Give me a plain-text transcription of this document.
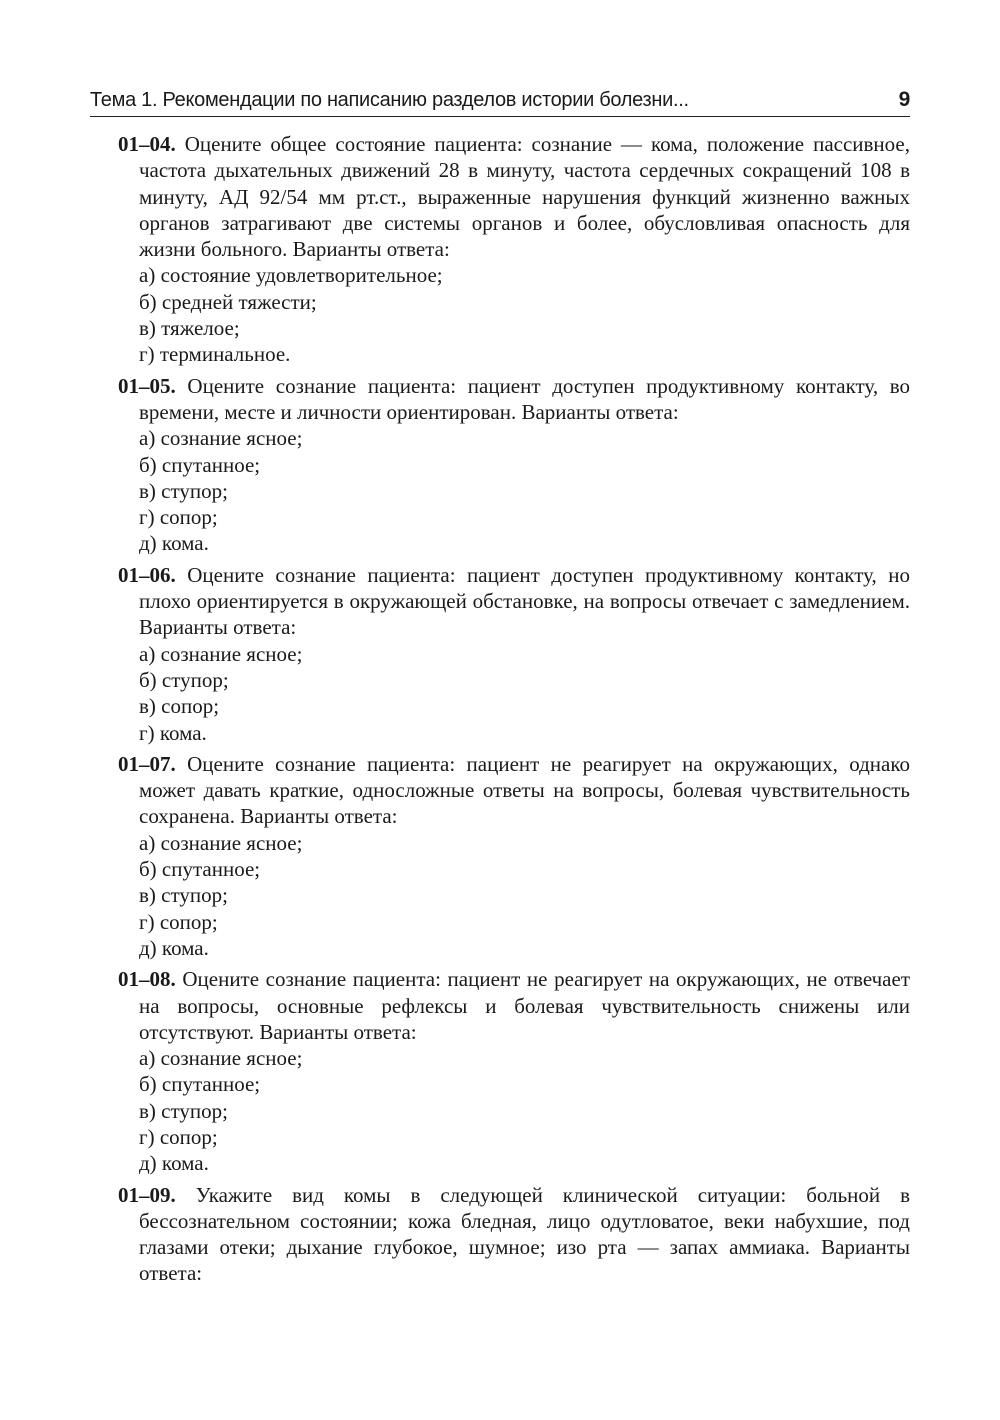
Тема 1. Рекомендации по написанию разделов истории болезни...	9
01–04. Оцените общее состояние пациента: сознание — кома, положение пассивное, частота дыхательных движений 28 в минуту, частота сердечных сокращений 108 в минуту, АД 92/54 мм рт.ст., выраженные нарушения функций жизненно важных органов затрагивают две системы органов и более, обусловливая опасность для жизни больного. Варианты ответа:
а) состояние удовлетворительное;
б) средней тяжести;
в) тяжелое;
г) терминальное.
01–05. Оцените сознание пациента: пациент доступен продуктивному контакту, во времени, месте и личности ориентирован. Варианты ответа:
а) сознание ясное;
б) спутанное;
в) ступор;
г) сопор;
д) кома.
01–06. Оцените сознание пациента: пациент доступен продуктивному контакту, но плохо ориентируется в окружающей обстановке, на вопросы отвечает с замедлением. Варианты ответа:
а) сознание ясное;
б) ступор;
в) сопор;
г) кома.
01–07. Оцените сознание пациента: пациент не реагирует на окружающих, однако может давать краткие, односложные ответы на вопросы, болевая чувствительность сохранена. Варианты ответа:
а) сознание ясное;
б) спутанное;
в) ступор;
г) сопор;
д) кома.
01–08. Оцените сознание пациента: пациент не реагирует на окружающих, не отвечает на вопросы, основные рефлексы и болевая чувствительность снижены или отсутствуют. Варианты ответа:
а) сознание ясное;
б) спутанное;
в) ступор;
г) сопор;
д) кома.
01–09. Укажите вид комы в следующей клинической ситуации: больной в бессознательном состоянии; кожа бледная, лицо одутловатое, веки набухшие, под глазами отеки; дыхание глубокое, шумное; изо рта — запах аммиака. Варианты ответа:
